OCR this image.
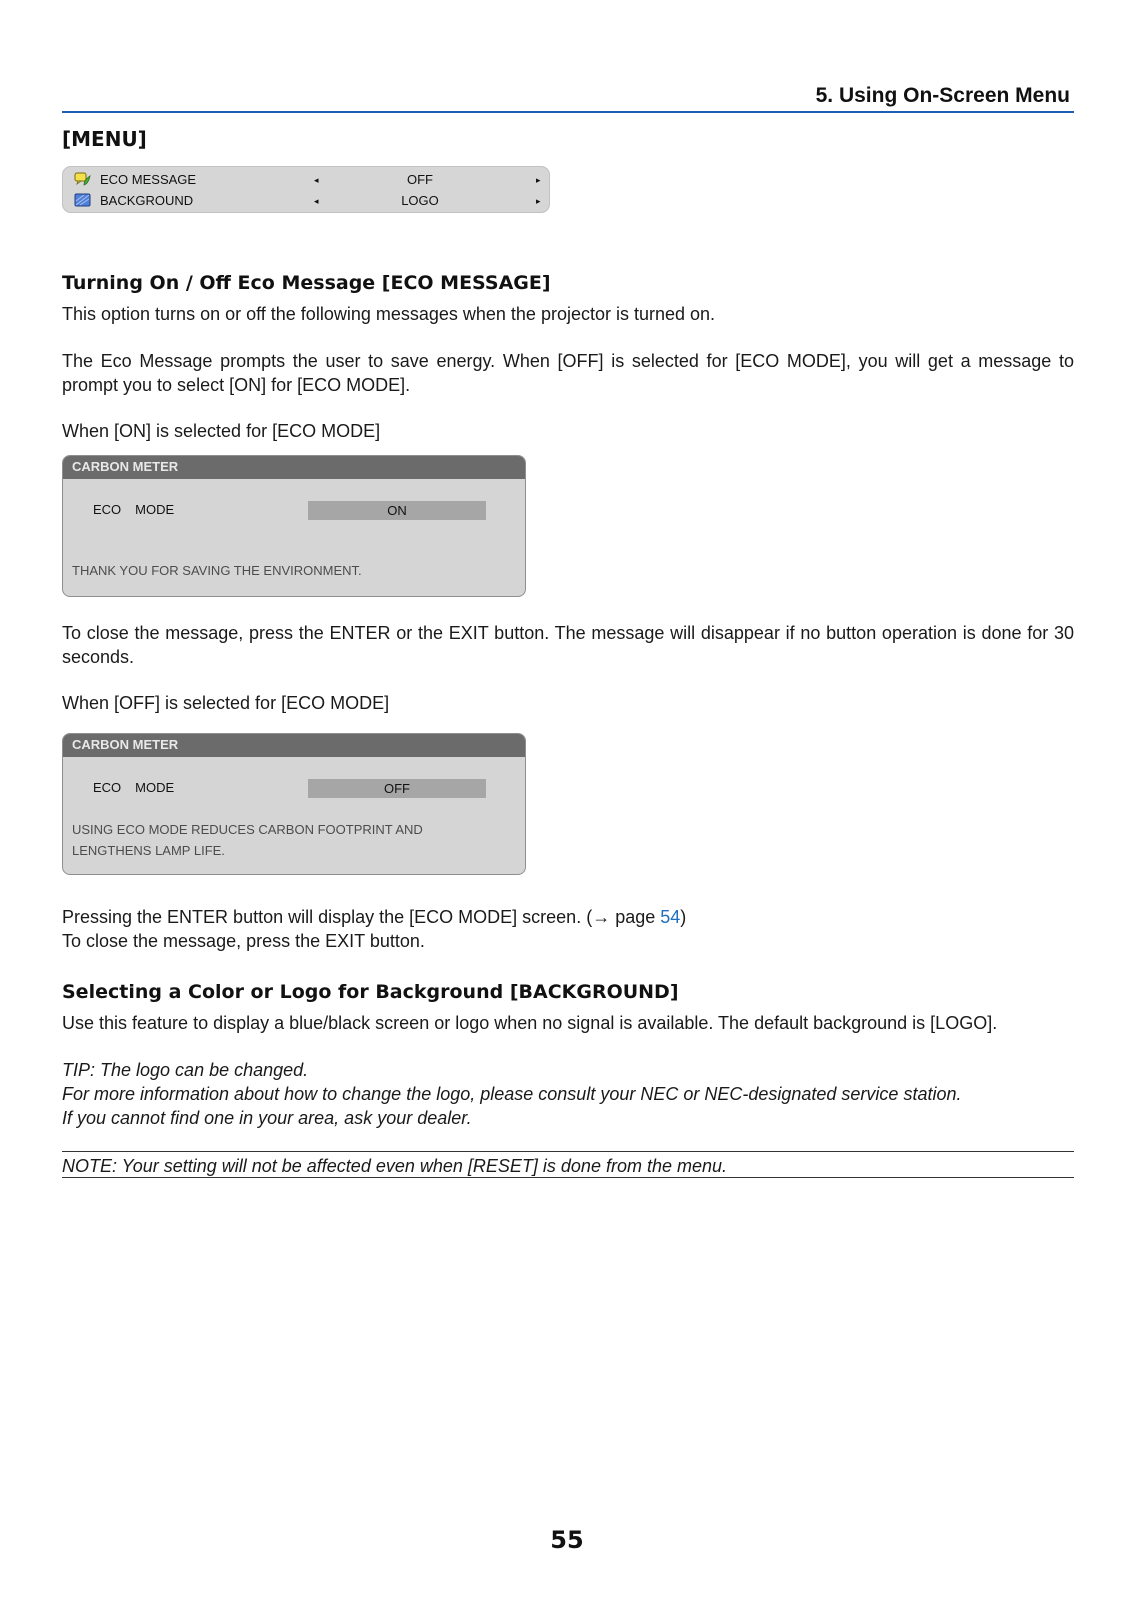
5. Using On-Screen Menu
[MENU]
ECO MESSAGE	◂	OFF	▸
BACKGROUND	◂	LOGO	▸
Turning On / Off Eco Message [ECO MESSAGE]
This option turns on or off the following messages when the projector is turned on.
The Eco Message prompts the user to save energy. When [OFF] is selected for [ECO MODE], you will get a message to prompt you to select [ON] for [ECO MODE].
When [ON] is selected for [ECO MODE]
CARBON METER
ECO MODE	ON
THANK YOU FOR SAVING THE ENVIRONMENT.
To close the message, press the ENTER or the EXIT button. The message will disappear if no button operation is done for 30 seconds.
When [OFF] is selected for [ECO MODE]
CARBON METER
ECO MODE	OFF
USING ECO MODE REDUCES CARBON FOOTPRINT AND
LENGTHENS LAMP LIFE.
Pressing the ENTER button will display the [ECO MODE] screen. (→ page 54)
To close the message, press the EXIT button.
Selecting a Color or Logo for Background [BACKGROUND]
Use this feature to display a blue/black screen or logo when no signal is available. The default background is [LOGO].
TIP: The logo can be changed.
For more information about how to change the logo, please consult your NEC or NEC-designated service station.
If you cannot find one in your area, ask your dealer.
NOTE: Your setting will not be affected even when [RESET] is done from the menu.
55
